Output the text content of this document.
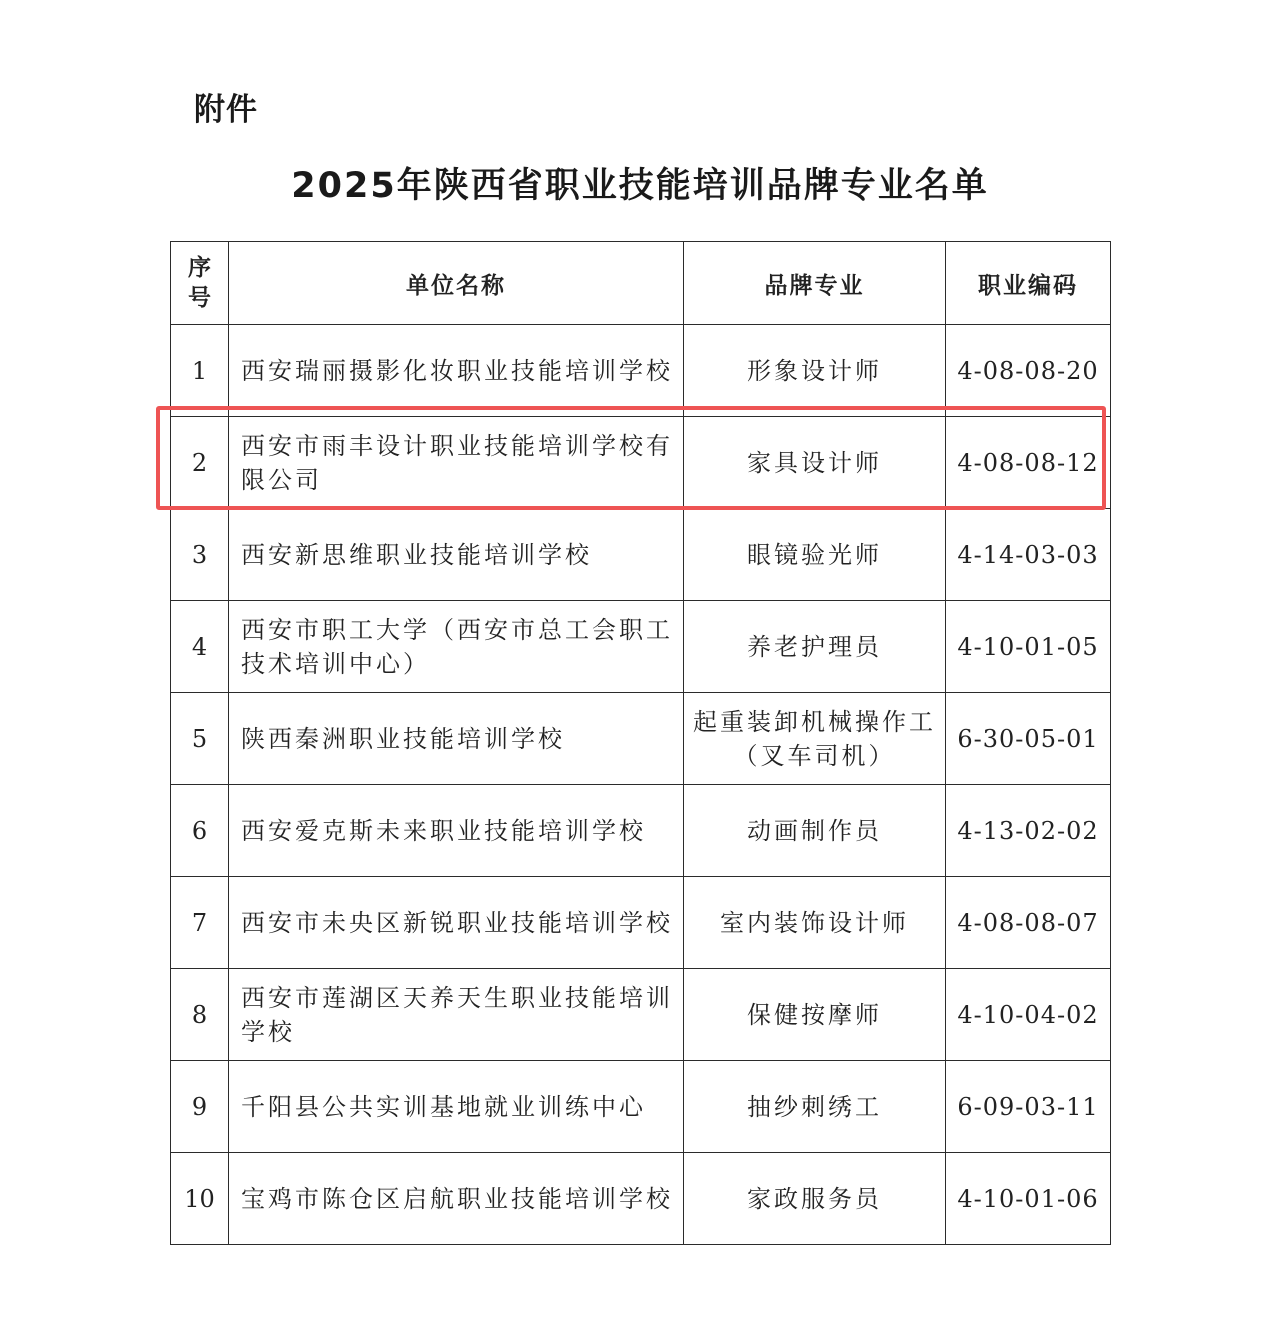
附件

2025年陕西省职业技能培训品牌专业名单
序号	单位名称	品牌专业	职业编码
1	西安瑞丽摄影化妆职业技能培训学校	形象设计师	4-08-08-20
2	西安市雨丰设计职业技能培训学校有限公司	家具设计师	4-08-08-12
3	西安新思维职业技能培训学校	眼镜验光师	4-14-03-03
4	西安市职工大学（西安市总工会职工技术培训中心）	养老护理员	4-10-01-05
5	陕西秦洲职业技能培训学校	起重装卸机械操作工（叉车司机）	6-30-05-01
6	西安爱克斯未来职业技能培训学校	动画制作员	4-13-02-02
7	西安市未央区新锐职业技能培训学校	室内装饰设计师	4-08-08-07
8	西安市莲湖区天养天生职业技能培训学校	保健按摩师	4-10-04-02
9	千阳县公共实训基地就业训练中心	抽纱刺绣工	6-09-03-11
10	宝鸡市陈仓区启航职业技能培训学校	家政服务员	4-10-01-06
